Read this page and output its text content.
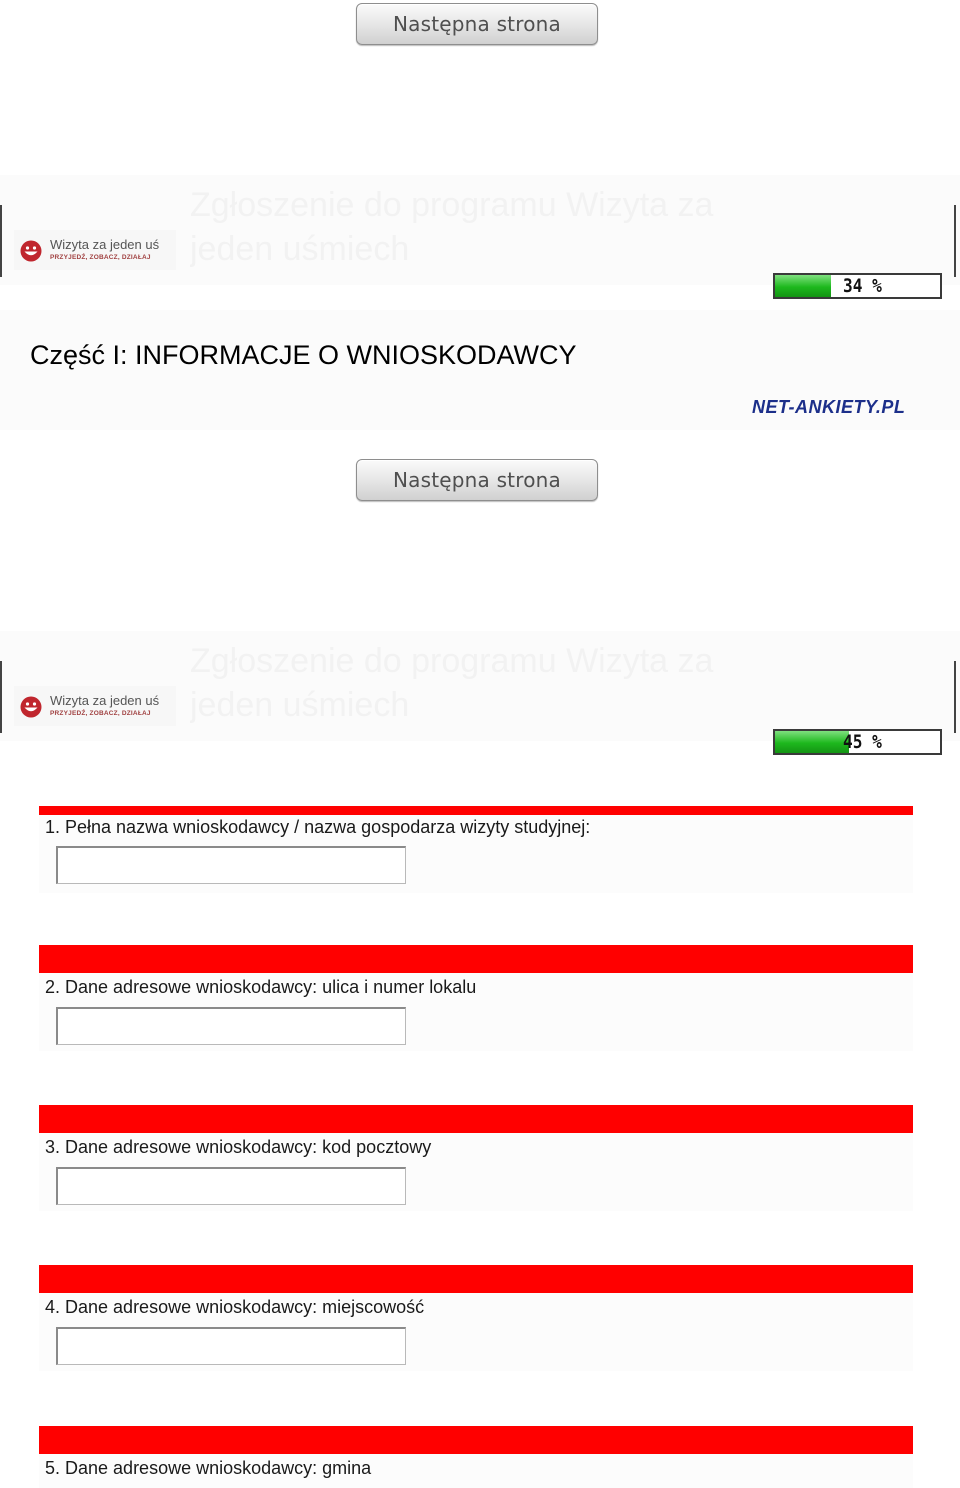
Następna strona
Zgłoszenie do programu Wizyta za
jeden uśmiech
Wizyta za jeden uś
PRZYJEDŹ, ZOBACZ, DZIAŁAJ
34 %
Część I: INFORMACJE O WNIOSKODAWCY
NET-ANKIETY.PL
Następna strona
Zgłoszenie do programu Wizyta za
jeden uśmiech
Wizyta za jeden uś
PRZYJEDŹ, ZOBACZ, DZIAŁAJ
45 %
1. Pełna nazwa wnioskodawcy / nazwa gospodarza wizyty studyjnej:
2. Dane adresowe wnioskodawcy: ulica i numer lokalu
3. Dane adresowe wnioskodawcy: kod pocztowy
4. Dane adresowe wnioskodawcy: miejscowość
5. Dane adresowe wnioskodawcy: gmina
